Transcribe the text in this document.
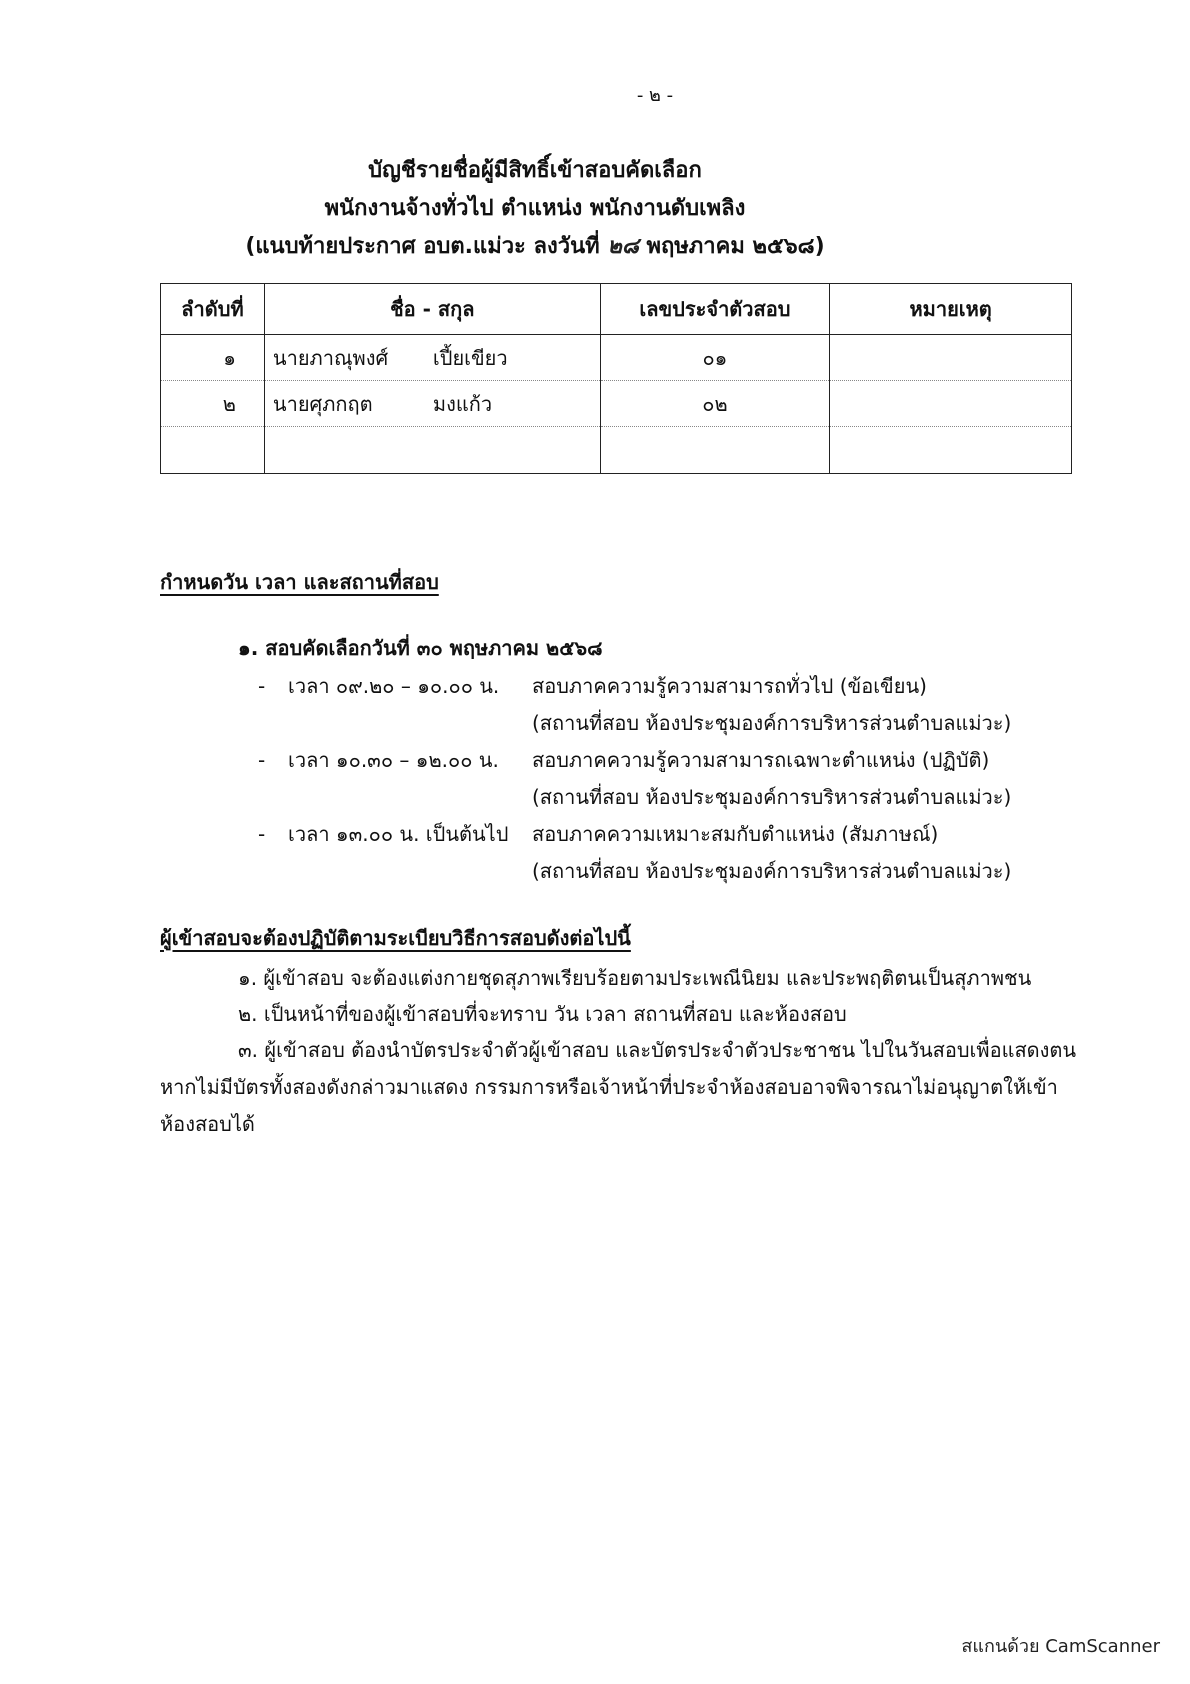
- ๒ -
บัญชีรายชื่อผู้มีสิทธิ์เข้าสอบคัดเลือก
พนักงานจ้างทั่วไป ตำแหน่ง พนักงานดับเพลิง
(แนบท้ายประกาศ อบต.แม่วะ ลงวันที่ ๒๘ พฤษภาคม ๒๕๖๘)
ลำดับที่	ชื่อ - สกุล	เลขประจำตัวสอบ	หมายเหตุ
๑	นายภาณุพงศ์ เปี้ยเขียว	๐๑	
๒	นายศุภกฤต มงแก้ว	๐๒	

กำหนดวัน เวลา และสถานที่สอบ
๑. สอบคัดเลือกวันที่ ๓๐ พฤษภาคม ๒๕๖๘
- เวลา ๐๙.๒๐ – ๑๐.๐๐ น. สอบภาคความรู้ความสามารถทั่วไป (ข้อเขียน)
(สถานที่สอบ ห้องประชุมองค์การบริหารส่วนตำบลแม่วะ)
- เวลา ๑๐.๓๐ – ๑๒.๐๐ น. สอบภาคความรู้ความสามารถเฉพาะตำแหน่ง (ปฏิบัติ)
(สถานที่สอบ ห้องประชุมองค์การบริหารส่วนตำบลแม่วะ)
- เวลา ๑๓.๐๐ น. เป็นต้นไป สอบภาคความเหมาะสมกับตำแหน่ง (สัมภาษณ์)
(สถานที่สอบ ห้องประชุมองค์การบริหารส่วนตำบลแม่วะ)
ผู้เข้าสอบจะต้องปฏิบัติตามระเบียบวิธีการสอบดังต่อไปนี้
๑. ผู้เข้าสอบ จะต้องแต่งกายชุดสุภาพเรียบร้อยตามประเพณีนิยม และประพฤติตนเป็นสุภาพชน
๒. เป็นหน้าที่ของผู้เข้าสอบที่จะทราบ วัน เวลา สถานที่สอบ และห้องสอบ
๓. ผู้เข้าสอบ ต้องนำบัตรประจำตัวผู้เข้าสอบ และบัตรประจำตัวประชาชน ไปในวันสอบเพื่อแสดงตน
หากไม่มีบัตรทั้งสองดังกล่าวมาแสดง กรรมการหรือเจ้าหน้าที่ประจำห้องสอบอาจพิจารณาไม่อนุญาตให้เข้า
ห้องสอบได้
สแกนด้วย CamScanner
